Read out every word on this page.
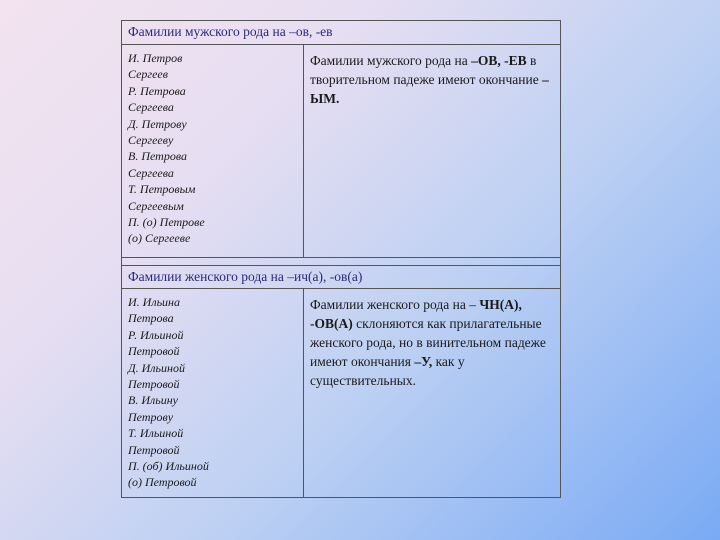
Фамилии мужского рода на –ов, -ев
И. Петров
Сергеев
Р. Петрова
Сергеева
Д. Петрову
Сергееву
В. Петрова
Сергеева
Т. Петровым
Сергеевым
П. (о) Петрове
(о) Сергееве
Фамилии мужского рода на –ОВ, -ЕВ в творительном падеже имеют окончание –ЫМ.
Фамилии женского рода на –ич(а), -ов(а)
И. Ильина
Петрова
Р. Ильиной
Петровой
Д. Ильиной
Петровой
В. Ильину
Петрову
Т. Ильиной
Петровой
П. (об) Ильиной
(о) Петровой
Фамилии женского рода на – ЧН(А), -ОВ(А) склоняются как прилагательные женского рода, но в винительном падеже имеют окончания –У, как у существительных.
